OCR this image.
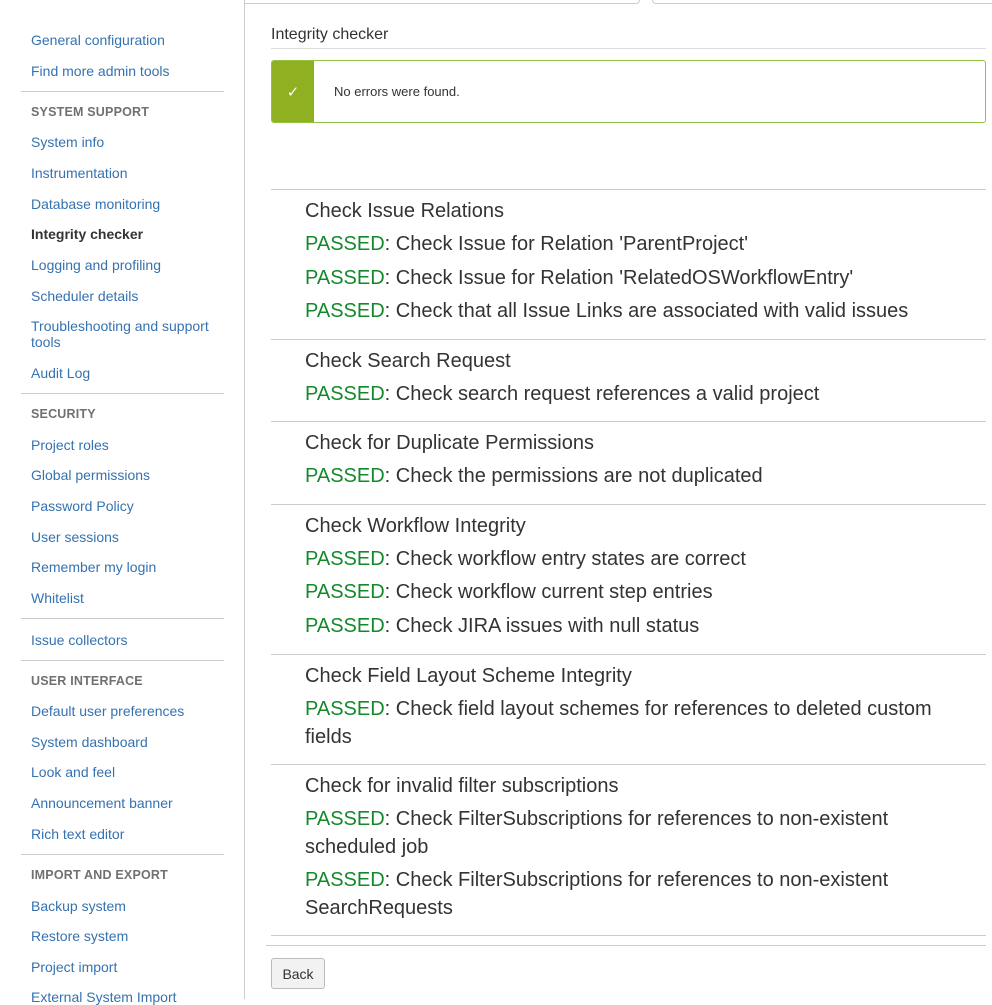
General configuration
Find more admin tools
SYSTEM SUPPORT
System info
Instrumentation
Database monitoring
Integrity checker
Logging and profiling
Scheduler details
Troubleshooting and support tools
Audit Log
SECURITY
Project roles
Global permissions
Password Policy
User sessions
Remember my login
Whitelist
Issue collectors
USER INTERFACE
Default user preferences
System dashboard
Look and feel
Announcement banner
Rich text editor
IMPORT AND EXPORT
Backup system
Restore system
Project import
External System Import
Integrity checker
✓	No errors were found.
Check Issue Relations
PASSED: Check Issue for Relation 'ParentProject'
PASSED: Check Issue for Relation 'RelatedOSWorkflowEntry'
PASSED: Check that all Issue Links are associated with valid issues
Check Search Request
PASSED: Check search request references a valid project
Check for Duplicate Permissions
PASSED: Check the permissions are not duplicated
Check Workflow Integrity
PASSED: Check workflow entry states are correct
PASSED: Check workflow current step entries
PASSED: Check JIRA issues with null status
Check Field Layout Scheme Integrity
PASSED: Check field layout schemes for references to deleted custom fields
Check for invalid filter subscriptions
PASSED: Check FilterSubscriptions for references to non-existent scheduled job
PASSED: Check FilterSubscriptions for references to non-existent SearchRequests
Back
